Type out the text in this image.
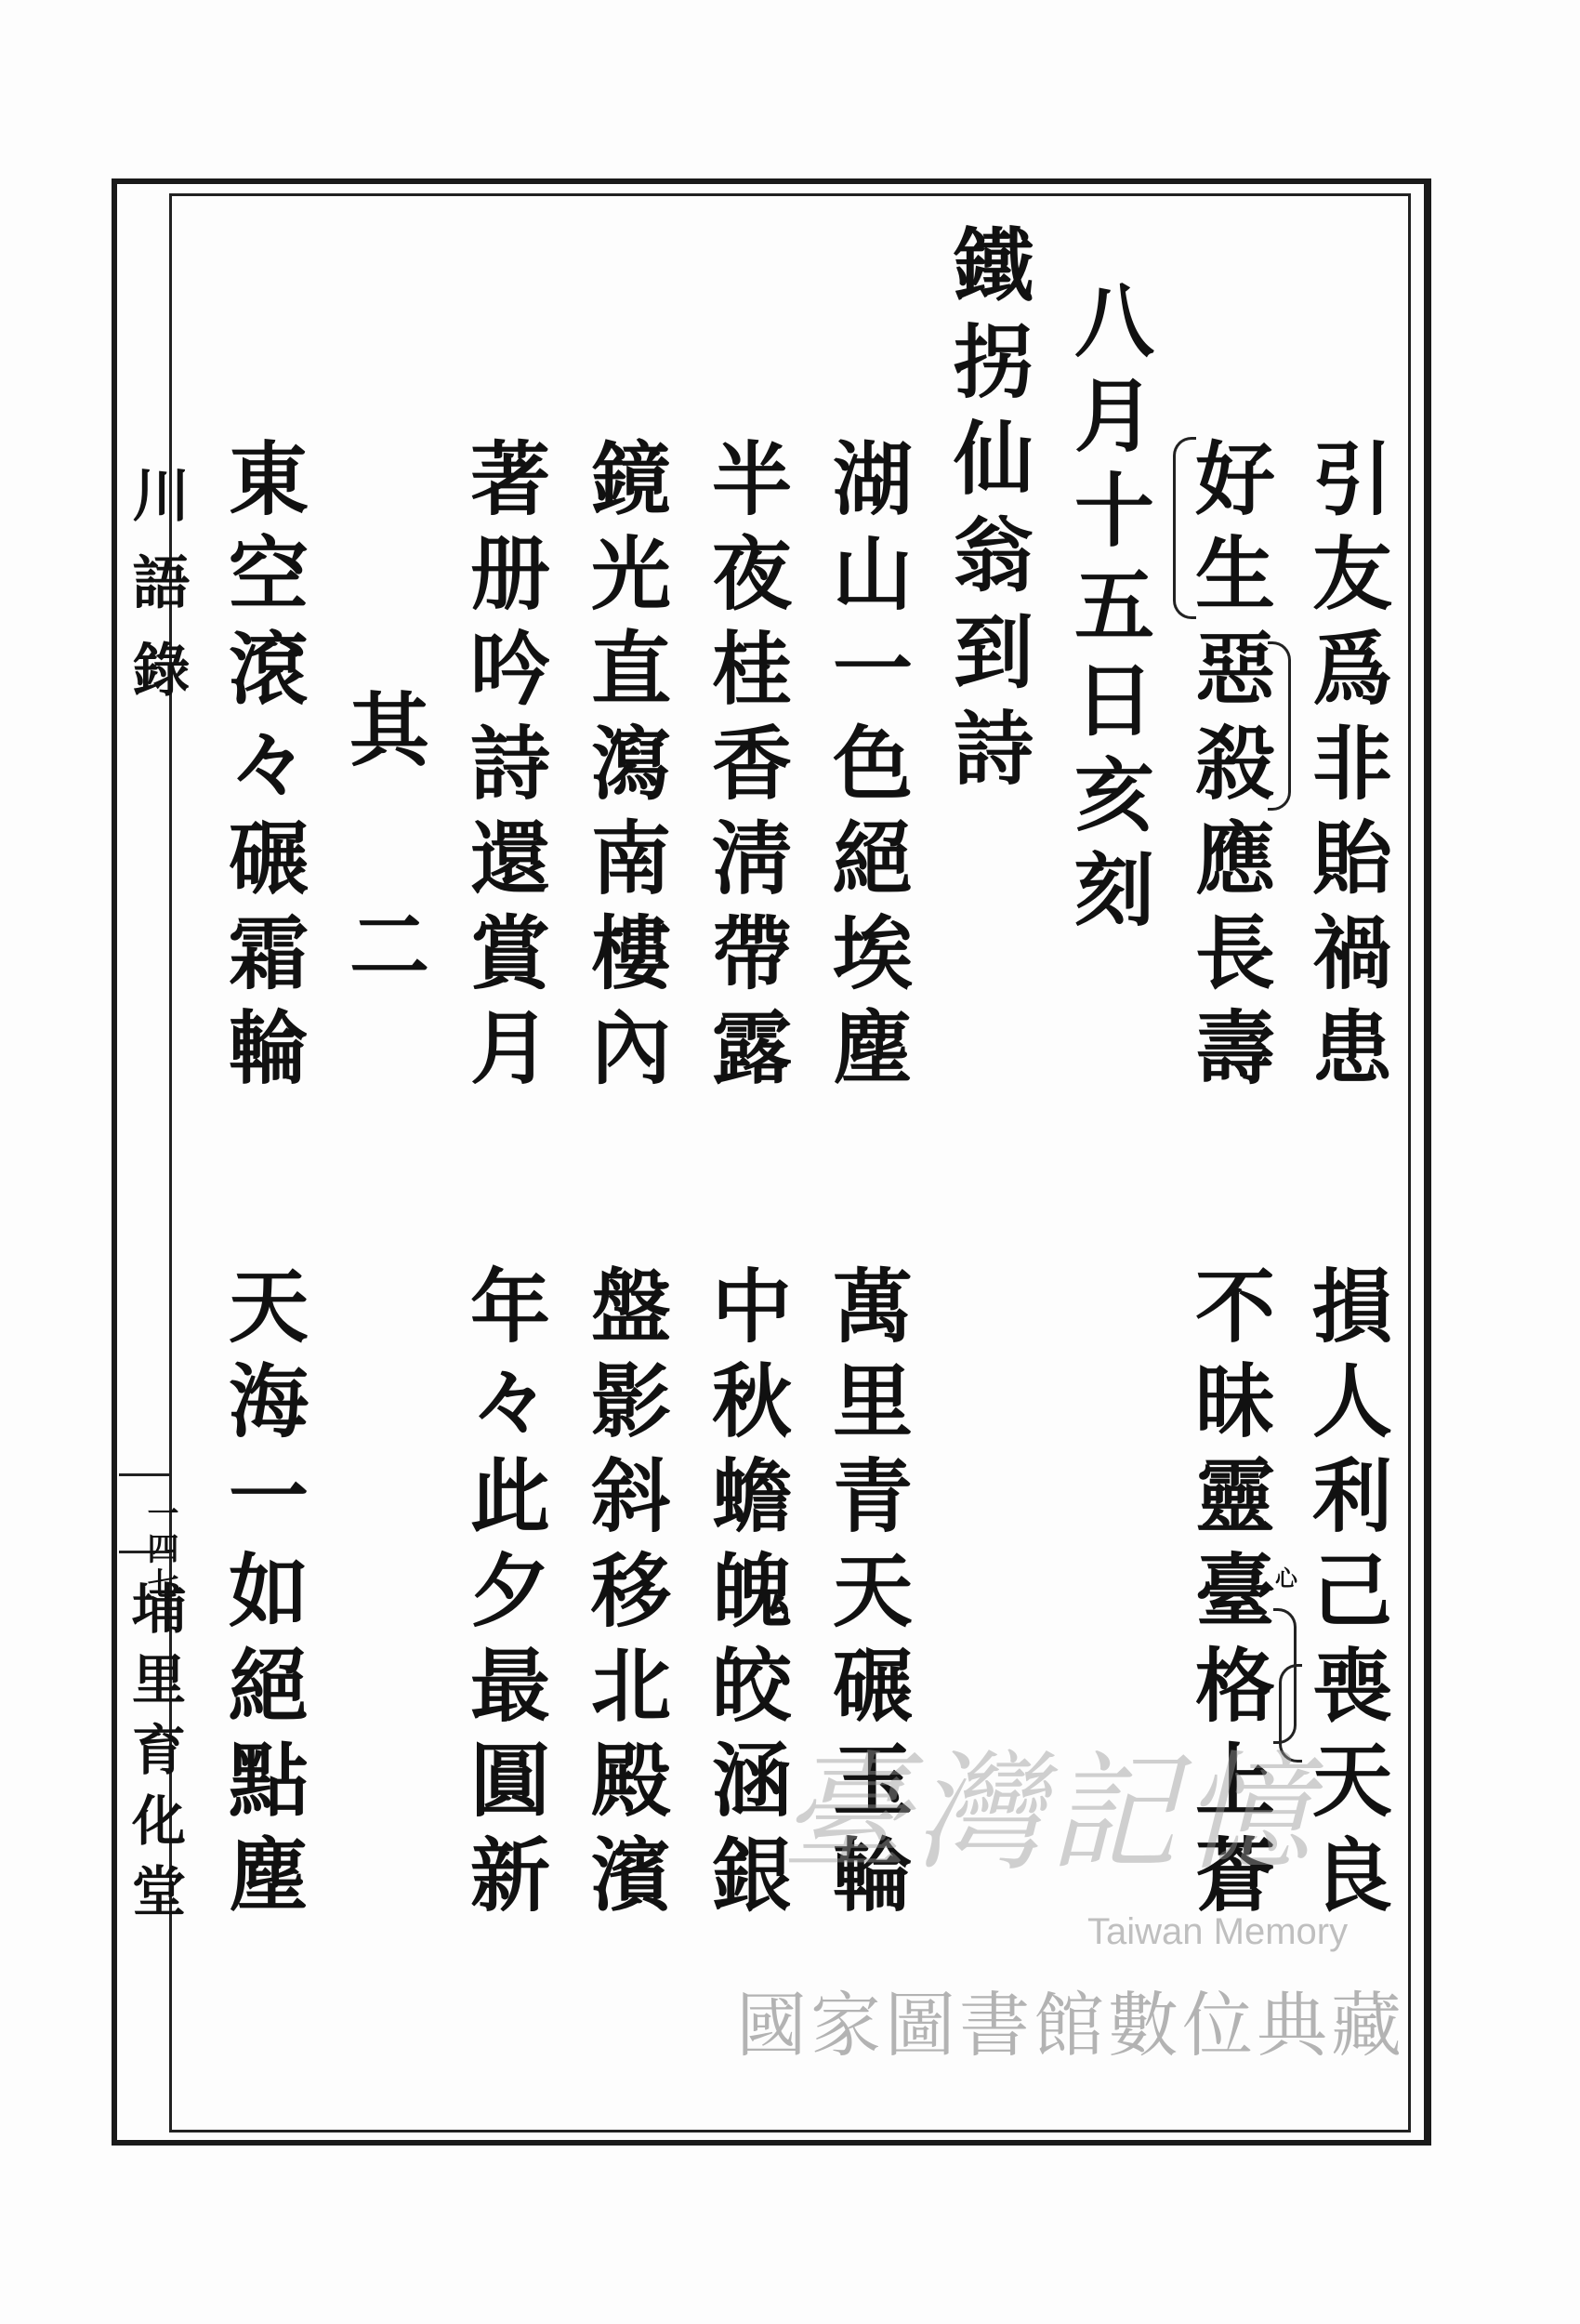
川語錄
一四七
埔里育化堂
引友爲非貽禍患
損人利己喪天良
好生惡殺應長壽
不昧靈臺格上蒼 心
八月十五日亥刻
鐵拐仙翁到詩
湖山一色絕埃塵
萬里青天碾玉輪
半夜桂香淸帶露
中秋蟾魄皎涵銀
鏡光直瀉南樓內
盤影斜移北殿濱
著册吟詩還賞月
年々此夕最圓新
其二
東空滾々碾霜輪
天海一如絕點塵	臺灣記憶
Taiwan Memory
國家圖書館數位典藏
